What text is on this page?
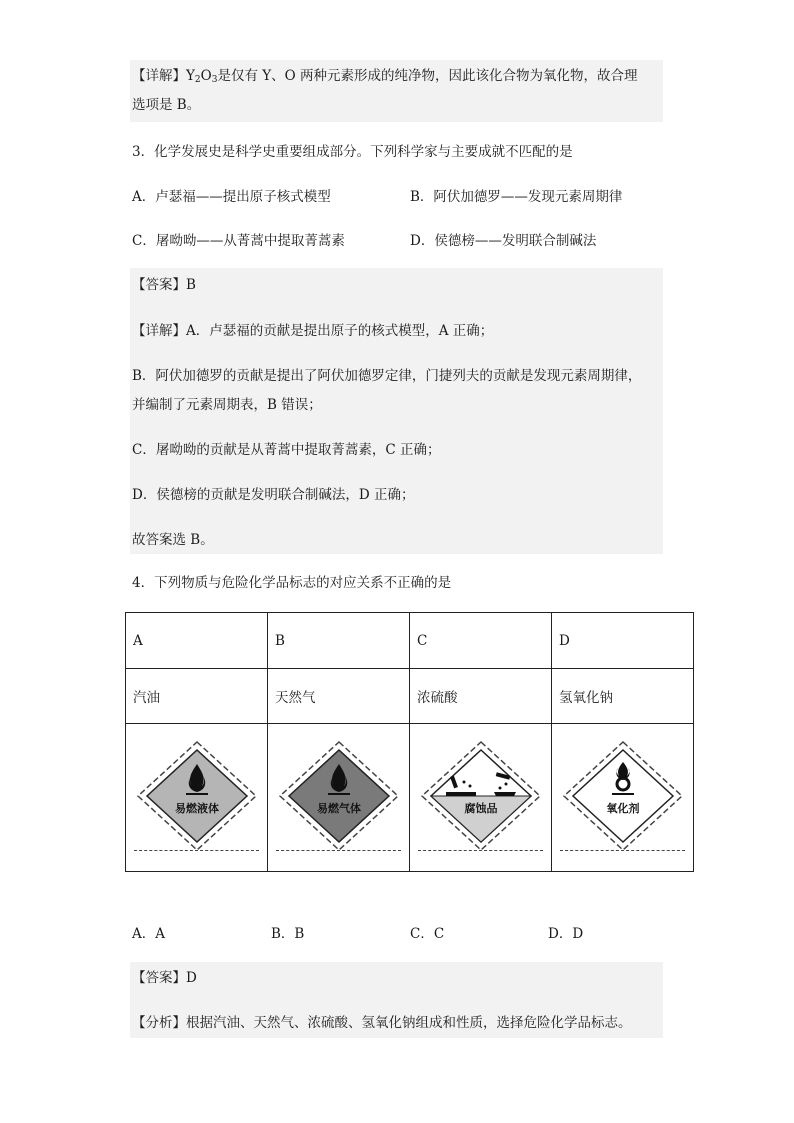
【详解】$Y_2O_3$是仅有 Y、O 两种元素形成的纯净物，因此该化合物为氧化物，故合理
选项是 B。
3．化学发展史是科学史重要组成部分。下列科学家与主要成就不匹配的是
A．卢瑟福——提出原子核式模型	B．阿伏加德罗——发现元素周期律
C．屠呦呦——从菁蒿中提取菁蒿素	D．侯德榜——发明联合制碱法
【答案】B
【详解】A．卢瑟福的贡献是提出原子的核式模型，A 正确；
B．阿伏加德罗的贡献是提出了阿伏加德罗定律，门捷列夫的贡献是发现元素周期律，
并编制了元素周期表，B 错误；
C．屠呦呦的贡献是从菁蒿中提取菁蒿素，C 正确；
D．侯德榜的贡献是发明联合制碱法，D 正确；
故答案选 B。
4．下列物质与危险化学品标志的对应关系不正确的是
A	B	C	D
汽油	天然气	浓硫酸	氢氧化钠

易燃液体	易燃气体	腐蚀品	氧化剂
A．A	B．B	C．C	D．D
【答案】D
【分析】根据汽油、天然气、浓硫酸、氢氧化钠组成和性质，选择危险化学品标志。
